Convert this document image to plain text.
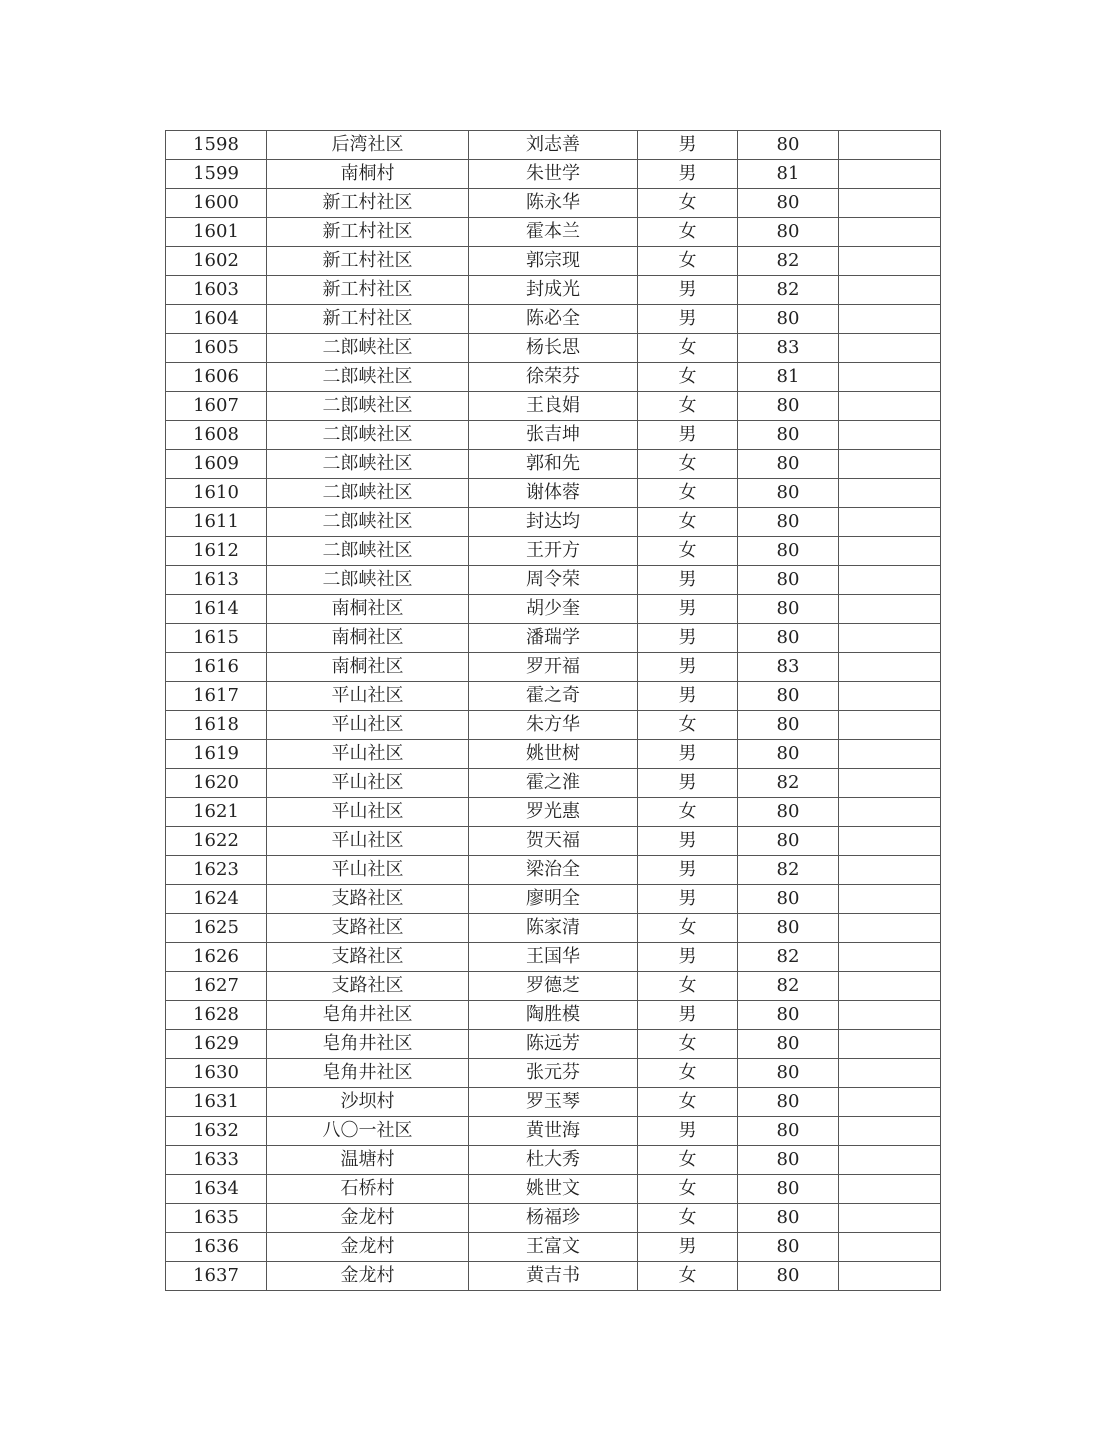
1598	后湾社区	刘志善	男	80	
1599	南桐村	朱世学	男	81	
1600	新工村社区	陈永华	女	80	
1601	新工村社区	霍本兰	女	80	
1602	新工村社区	郭宗现	女	82	
1603	新工村社区	封成光	男	82	
1604	新工村社区	陈必全	男	80	
1605	二郎峡社区	杨长思	女	83	
1606	二郎峡社区	徐荣芬	女	81	
1607	二郎峡社区	王良娟	女	80	
1608	二郎峡社区	张吉坤	男	80	
1609	二郎峡社区	郭和先	女	80	
1610	二郎峡社区	谢体蓉	女	80	
1611	二郎峡社区	封达均	女	80	
1612	二郎峡社区	王开方	女	80	
1613	二郎峡社区	周令荣	男	80	
1614	南桐社区	胡少奎	男	80	
1615	南桐社区	潘瑞学	男	80	
1616	南桐社区	罗开福	男	83	
1617	平山社区	霍之奇	男	80	
1618	平山社区	朱方华	女	80	
1619	平山社区	姚世树	男	80	
1620	平山社区	霍之淮	男	82	
1621	平山社区	罗光惠	女	80	
1622	平山社区	贺天福	男	80	
1623	平山社区	梁治全	男	82	
1624	支路社区	廖明全	男	80	
1625	支路社区	陈家清	女	80	
1626	支路社区	王国华	男	82	
1627	支路社区	罗德芝	女	82	
1628	皂角井社区	陶胜模	男	80	
1629	皂角井社区	陈远芳	女	80	
1630	皂角井社区	张元芬	女	80	
1631	沙坝村	罗玉琴	女	80	
1632	八〇一社区	黄世海	男	80	
1633	温塘村	杜大秀	女	80	
1634	石桥村	姚世文	女	80	
1635	金龙村	杨福珍	女	80	
1636	金龙村	王富文	男	80	
1637	金龙村	黄吉书	女	80	
